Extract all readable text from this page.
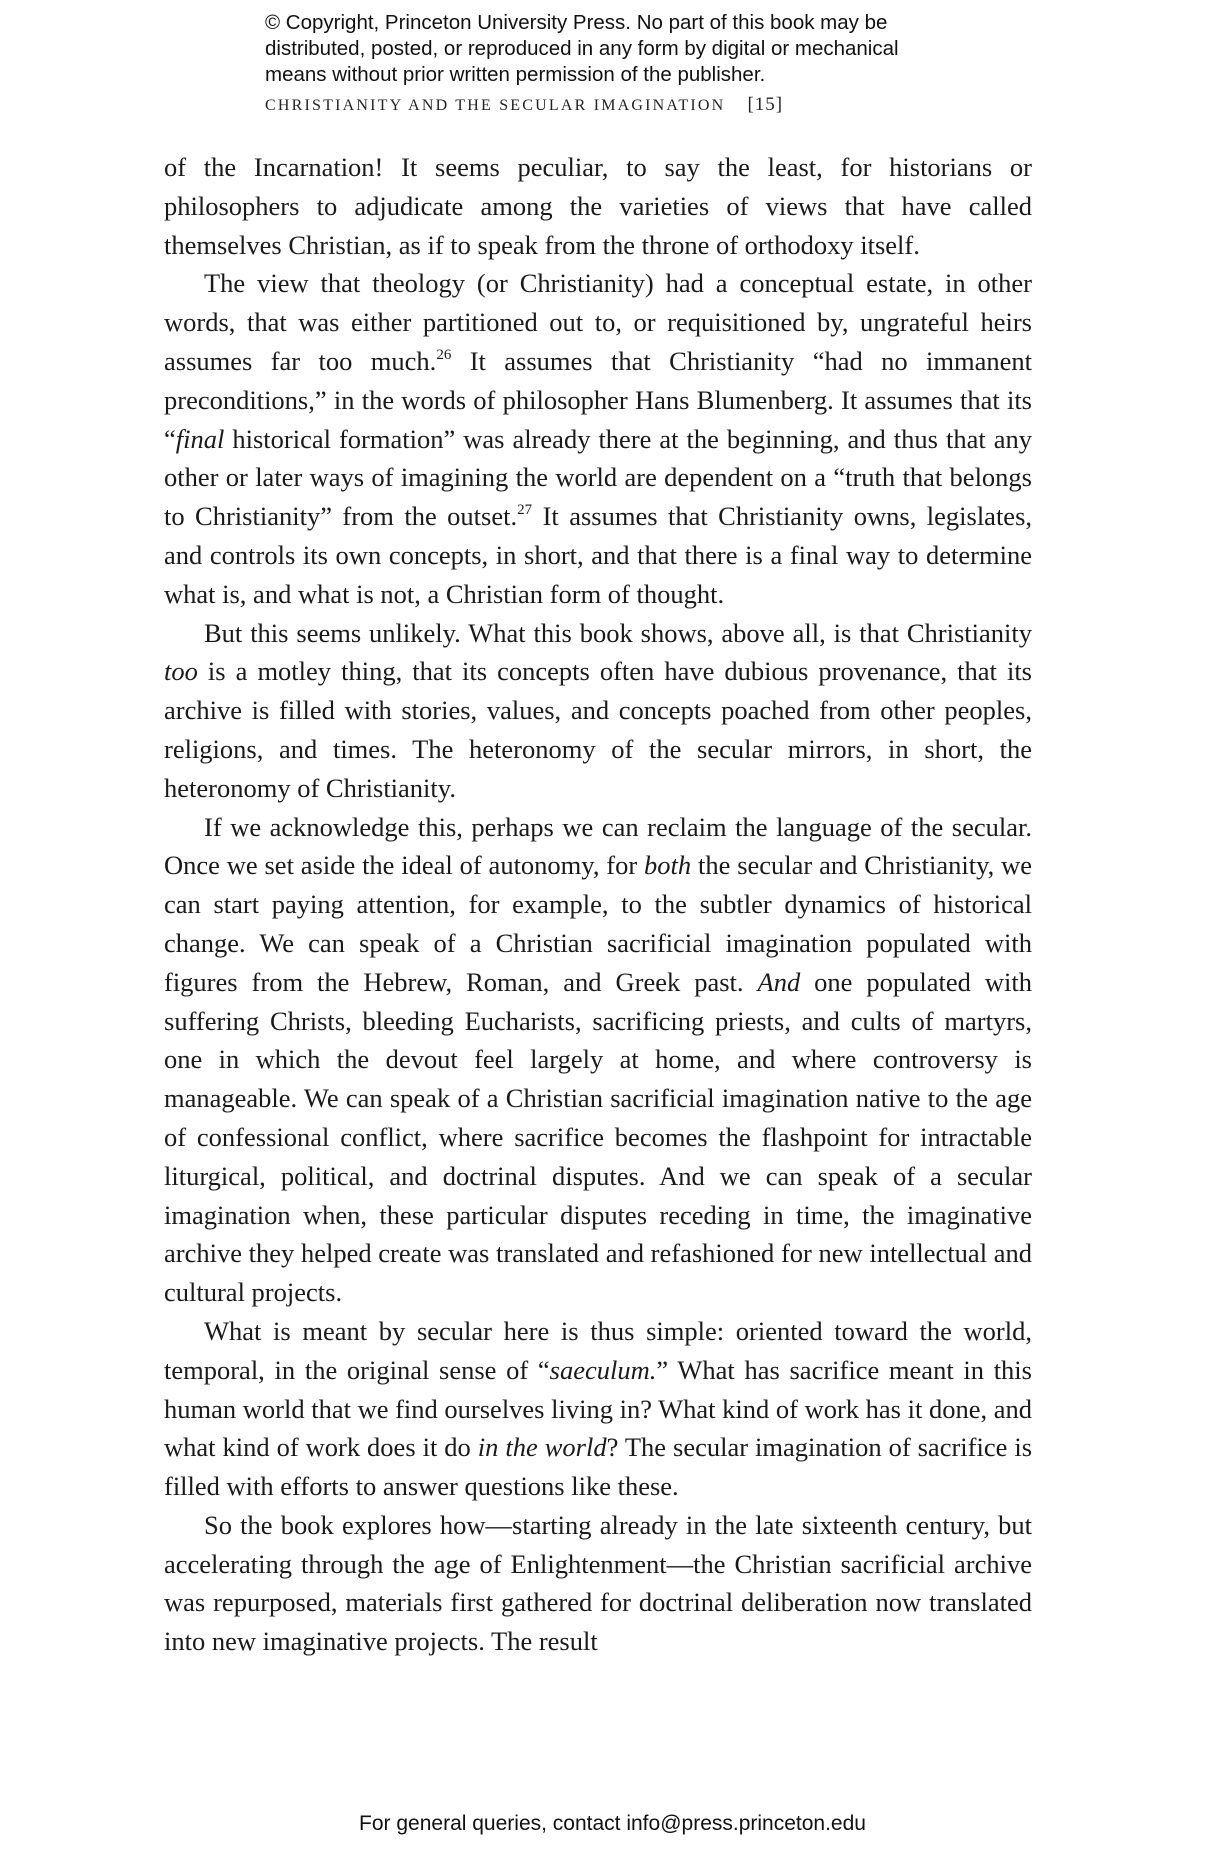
© Copyright, Princeton University Press. No part of this book may be
distributed, posted, or reproduced in any form by digital or mechanical
means without prior written permission of the publisher.
CHRISTIANITY AND THE SECULAR IMAGINATION [15]

of the Incarnation! It seems peculiar, to say the least, for historians or philosophers to adjudicate among the varieties of views that have called themselves Christian, as if to speak from the throne of orthodoxy itself.

The view that theology (or Christianity) had a conceptual estate, in other words, that was either partitioned out to, or requisitioned by, ungrateful heirs assumes far too much.$^{26}$ It assumes that Christianity “had no immanent preconditions,” in the words of philosopher Hans Blumenberg. It assumes that its “final historical formation” was already there at the beginning, and thus that any other or later ways of imagining the world are dependent on a “truth that belongs to Christianity” from the outset.$^{27}$ It assumes that Christianity owns, legislates, and controls its own concepts, in short, and that there is a final way to determine what is, and what is not, a Christian form of thought.

But this seems unlikely. What this book shows, above all, is that Christianity too is a motley thing, that its concepts often have dubious provenance, that its archive is filled with stories, values, and concepts poached from other peoples, religions, and times. The heteronomy of the secular mirrors, in short, the heteronomy of Christianity.

If we acknowledge this, perhaps we can reclaim the language of the secular. Once we set aside the ideal of autonomy, for both the secular and Christianity, we can start paying attention, for example, to the subtler dynamics of historical change. We can speak of a Christian sacrificial imagination populated with figures from the Hebrew, Roman, and Greek past. And one populated with suffering Christs, bleeding Eucharists, sacrificing priests, and cults of martyrs, one in which the devout feel largely at home, and where controversy is manageable. We can speak of a Christian sacrificial imagination native to the age of confessional conflict, where sacrifice becomes the flashpoint for intractable liturgical, political, and doctrinal disputes. And we can speak of a secular imagination when, these particular disputes receding in time, the imaginative archive they helped create was translated and refashioned for new intellectual and cultural projects.

What is meant by secular here is thus simple: oriented toward the world, temporal, in the original sense of “saeculum.” What has sacrifice meant in this human world that we find ourselves living in? What kind of work has it done, and what kind of work does it do in the world? The secular imagination of sacrifice is filled with efforts to answer questions like these.

So the book explores how—starting already in the late sixteenth century, but accelerating through the age of Enlightenment—the Christian sacrificial archive was repurposed, materials first gathered for doctrinal deliberation now translated into new imaginative projects. The result

For general queries, contact info@press.princeton.edu
